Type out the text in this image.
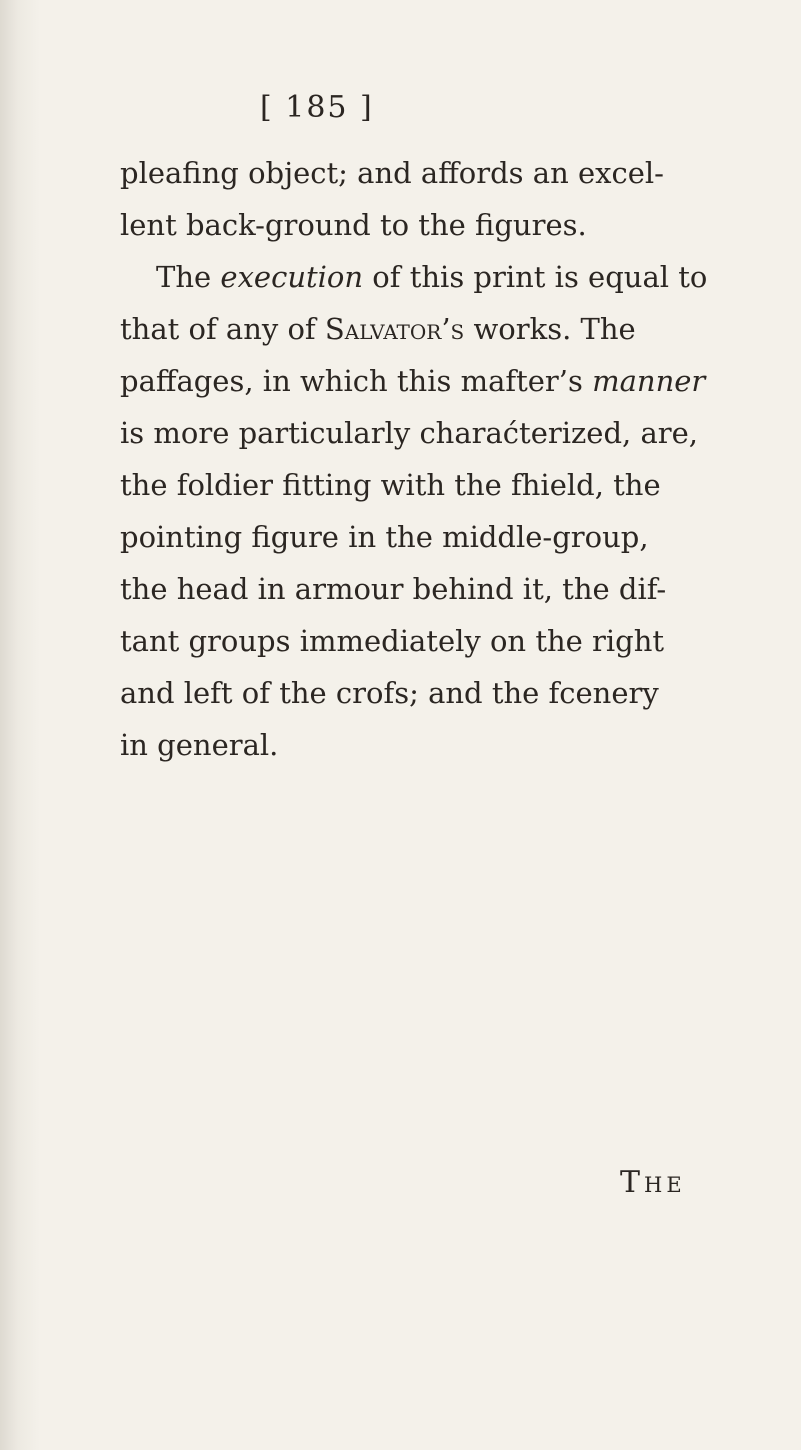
[ 185 ]
pleafing object; and affords an excel-
lent back-ground to the figures.
The execution of this print is equal to
that of any of Salvator’s works. The
paffages, in which this mafter’s manner
is more particularly charaćterized, are,
the foldier fitting with the fhield, the
pointing figure in the middle-group,
the head in armour behind it, the dif-
tant groups immediately on the right
and left of the crofs; and the fcenery
in general.
The
